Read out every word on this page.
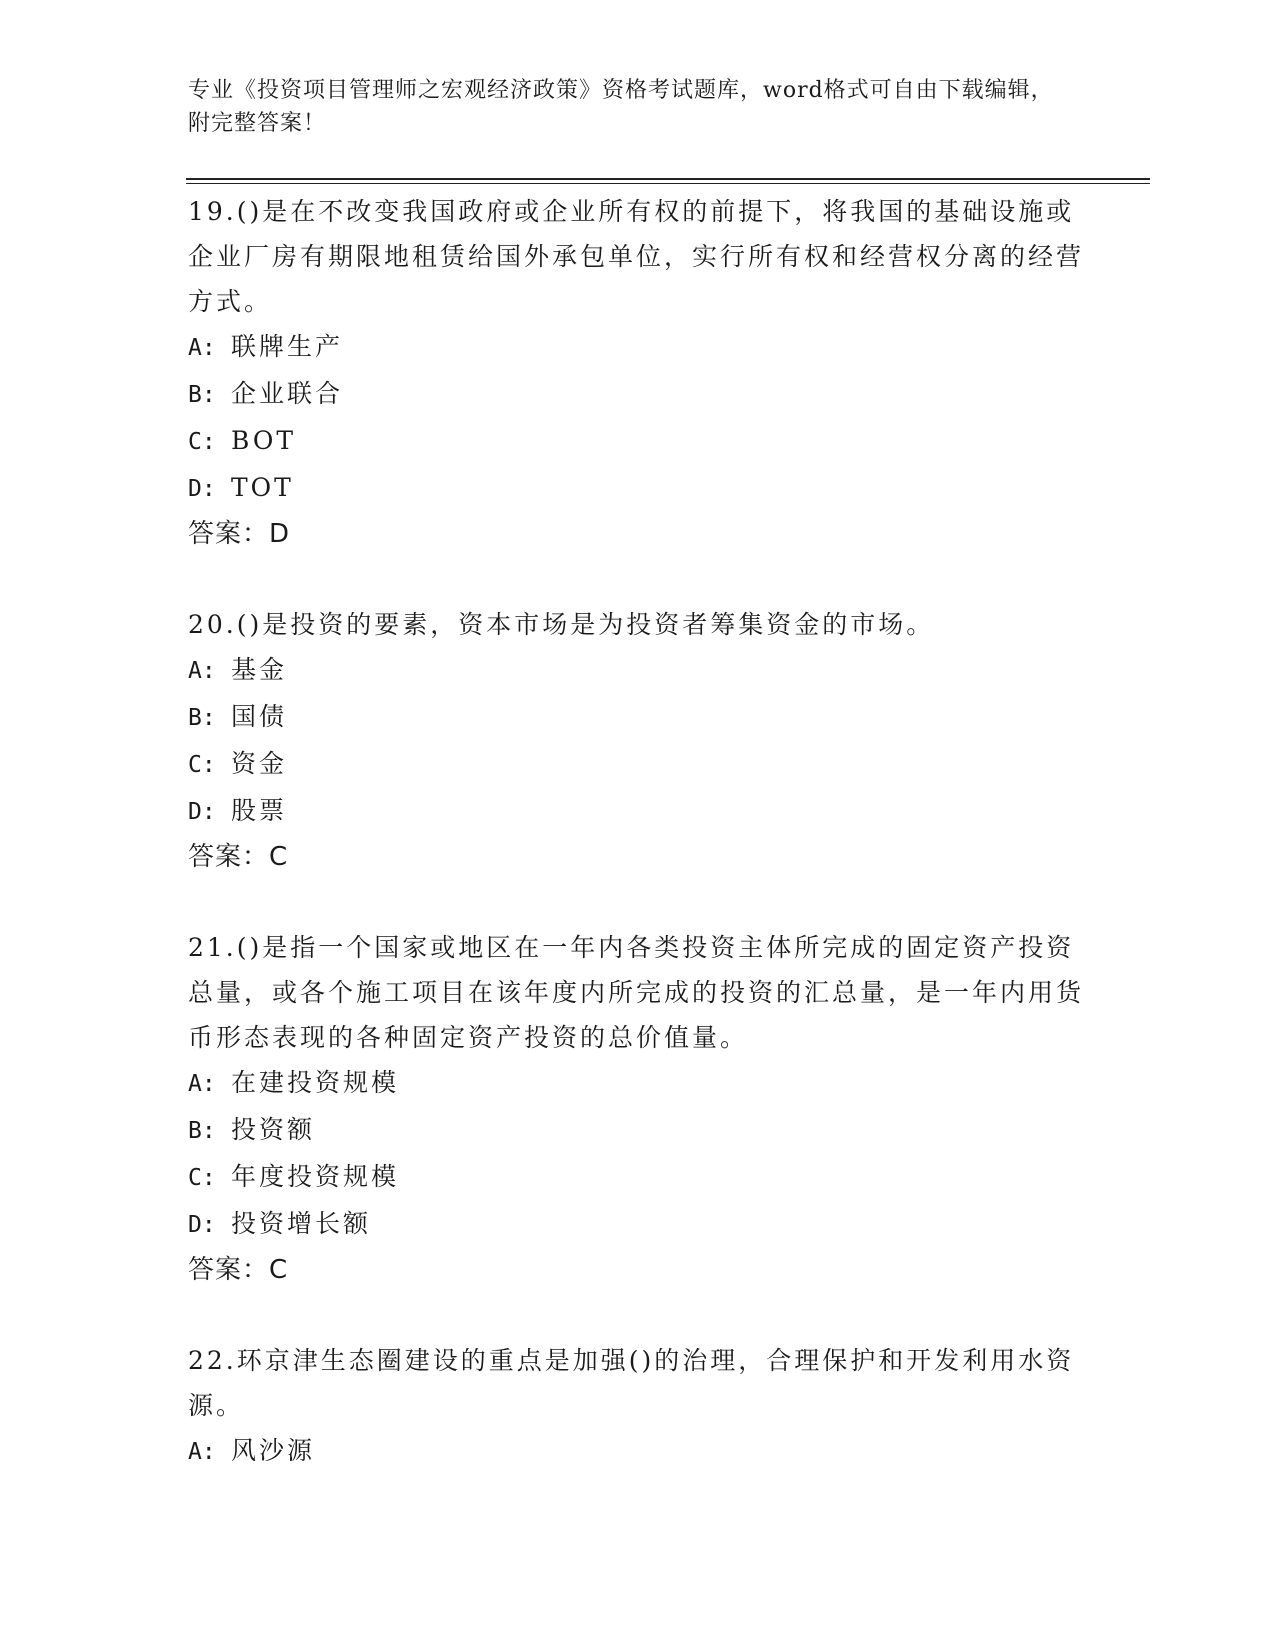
专业《投资项目管理师之宏观经济政策》资格考试题库，word格式可自由下载编辑，附完整答案！
19.()是在不改变我国政府或企业所有权的前提下，将我国的基础设施或企业厂房有期限地租赁给国外承包单位，实行所有权和经营权分离的经营方式。
A: 联牌生产
B: 企业联合
C: BOT
D: TOT
答案：D
20.()是投资的要素，资本市场是为投资者筹集资金的市场。
A: 基金
B: 国债
C: 资金
D: 股票
答案：C
21.()是指一个国家或地区在一年内各类投资主体所完成的固定资产投资总量，或各个施工项目在该年度内所完成的投资的汇总量，是一年内用货币形态表现的各种固定资产投资的总价值量。
A: 在建投资规模
B: 投资额
C: 年度投资规模
D: 投资增长额
答案：C
22.环京津生态圈建设的重点是加强()的治理，合理保护和开发利用水资源。
A: 风沙源
